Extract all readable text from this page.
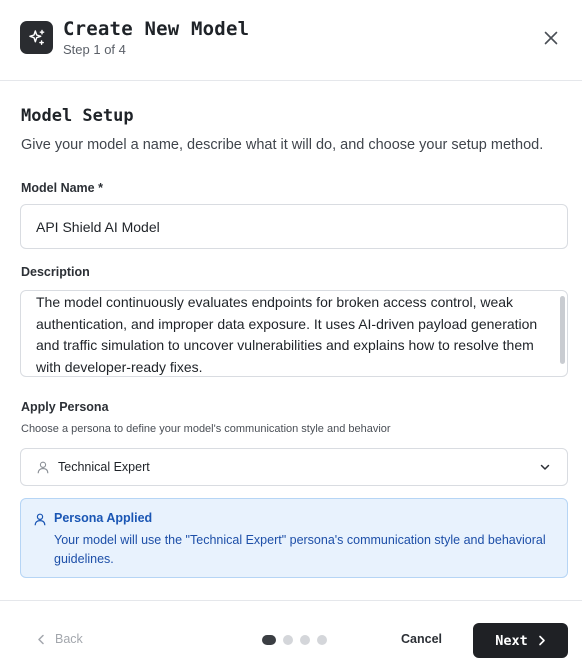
Create New Model
Step 1 of 4
Model Setup
Give your model a name, describe what it will do, and choose your setup method.
Model Name *
API Shield AI Model
Description
The model continuously evaluates endpoints for broken access control, weak authentication, and improper data exposure. It uses AI-driven payload generation and traffic simulation to uncover vulnerabilities and explains how to resolve them with developer-ready fixes.
Apply Persona
Choose a persona to define your model's communication style and behavior
Technical Expert
Persona Applied
Your model will use the "Technical Expert" persona's communication style and behavioral guidelines.
Back	Cancel	Next
